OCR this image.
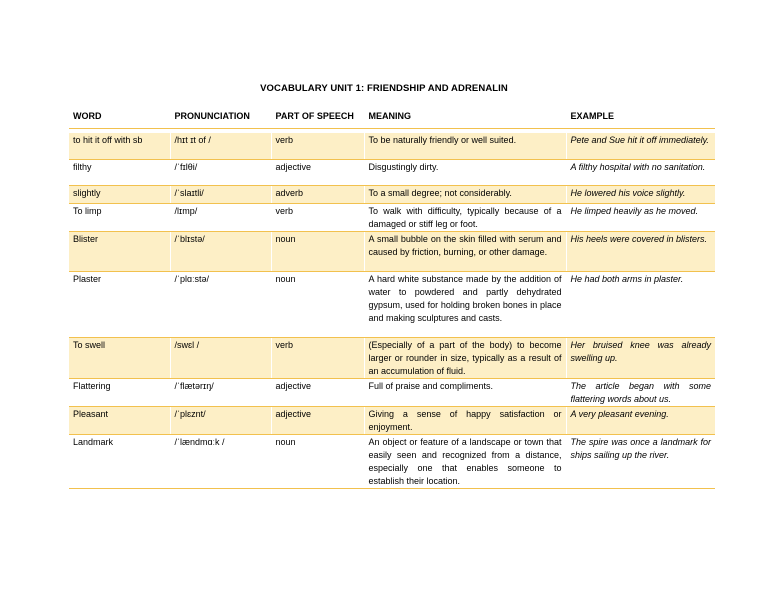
VOCABULARY UNIT 1: FRIENDSHIP AND ADRENALIN
WORD	PRONUNCIATION	PART OF SPEECH	MEANING	EXAMPLE

to hit it off with sb	/hɪt ɪt of /	verb	To be naturally friendly or well suited.	Pete and Sue hit it off immediately.
filthy	/ˈfɪlθi/	adjective	Disgustingly dirty.	A filthy hospital with no sanitation.
slightly	/ˈslaɪtli/	adverb	To a small degree; not considerably.	He lowered his voice slightly.
To limp	/lɪmp/	verb	To walk with difficulty, typically because of a damaged or stiff leg or foot.	He limped heavily as he moved.
Blister	/ˈblɪstə/	noun	A small bubble on the skin filled with serum and caused by friction, burning, or other damage.	His heels were covered in blisters.
Plaster	/ˈplɑːstə/	noun	A hard white substance made by the addition of water to powdered and partly dehydrated gypsum, used for holding broken bones in place and making sculptures and casts.	He had both arms in plaster.
To swell	/swɛl /	verb	(Especially of a part of the body) to become larger or rounder in size, typically as a result of an accumulation of fluid.	Her bruised knee was already swelling up.
Flattering	/ˈflætərɪŋ/	adjective	Full of praise and compliments.	The article began with some flattering words about us.
Pleasant	/ˈplɛznt/	adjective	Giving a sense of happy satisfaction or enjoyment.	A very pleasant evening.
Landmark	/ˈlændmɑːk /	noun	An object or feature of a landscape or town that easily seen and recognized from a distance, especially one that enables someone to establish their location.	The spire was once a landmark for ships sailing up the river.
